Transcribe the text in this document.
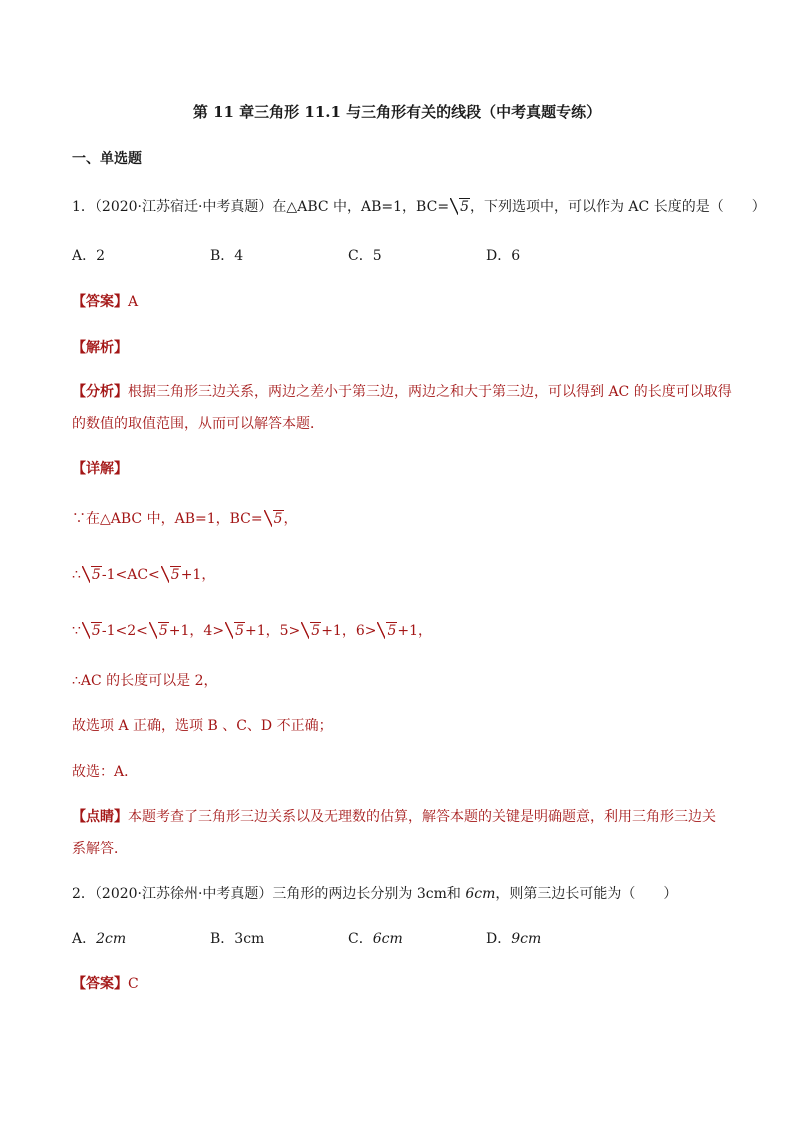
第 11 章三角形 11.1 与三角形有关的线段（中考真题专练）
一、单选题
1．（2020·江苏宿迁·中考真题）在△ABC 中，AB=1，BC= 5，下列选项中，可以作为 AC 长度的是（　　）
A．2	B．4	C．5	D．6
【答案】A
【解析】
【分析】根据三角形三边关系，两边之差小于第三边，两边之和大于第三边，可以得到 AC 的长度可以取得
的数值的取值范围，从而可以解答本题．
【详解】
∵在△ABC 中，AB=1，BC= 5，
∴ 5-1<AC< 5+1，
∵ 5-1<2< 5+1，4> 5+1，5> 5+1，6> 5+1，
∴AC 的长度可以是 2，
故选项 A 正确，选项 B 、C、D 不正确；
故选：A．
【点睛】本题考查了三角形三边关系以及无理数的估算，解答本题的关键是明确题意，利用三角形三边关
系解答．
2．（2020·江苏徐州·中考真题）三角形的两边长分别为 3cm和 6cm，则第三边长可能为（　　）
A．2cm	B．3cm	C．6cm	D．9cm
【答案】C
